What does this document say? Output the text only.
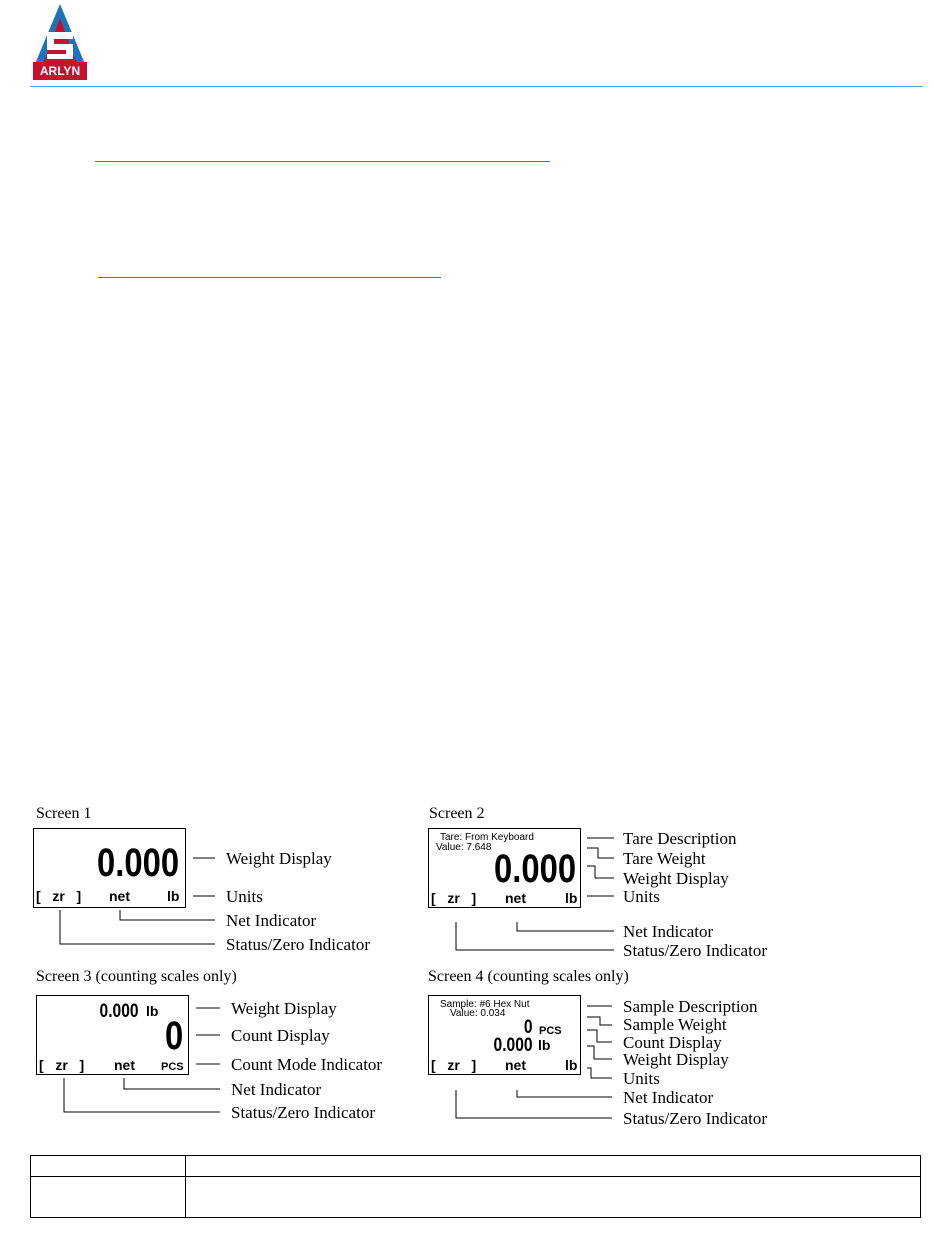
ARLYN
Screen 1	Screen 2
Screen 3 (counting scales only)	Screen 4 (counting scales only)
0.000
[   zr   ] net	lb
Tare: From Keyboard
Value: 7.648 0.000
[   zr   ] net	lb
0.000 lb
0
[   zr   ] net PCS
Sample: #6 Hex Nut
Value: 0.034
0 PCS
0.000 lb
[   zr   ] net	lb
Weight Display
Units
Net Indicator
Status/Zero Indicator
Tare Description
Tare Weight
Weight Display
Units
Net Indicator
Status/Zero Indicator
Weight Display
Count Display
Count Mode Indicator
Net Indicator
Status/Zero Indicator
Sample Description
Sample Weight
Count Display
Weight Display
Units
Net Indicator
Status/Zero Indicator
